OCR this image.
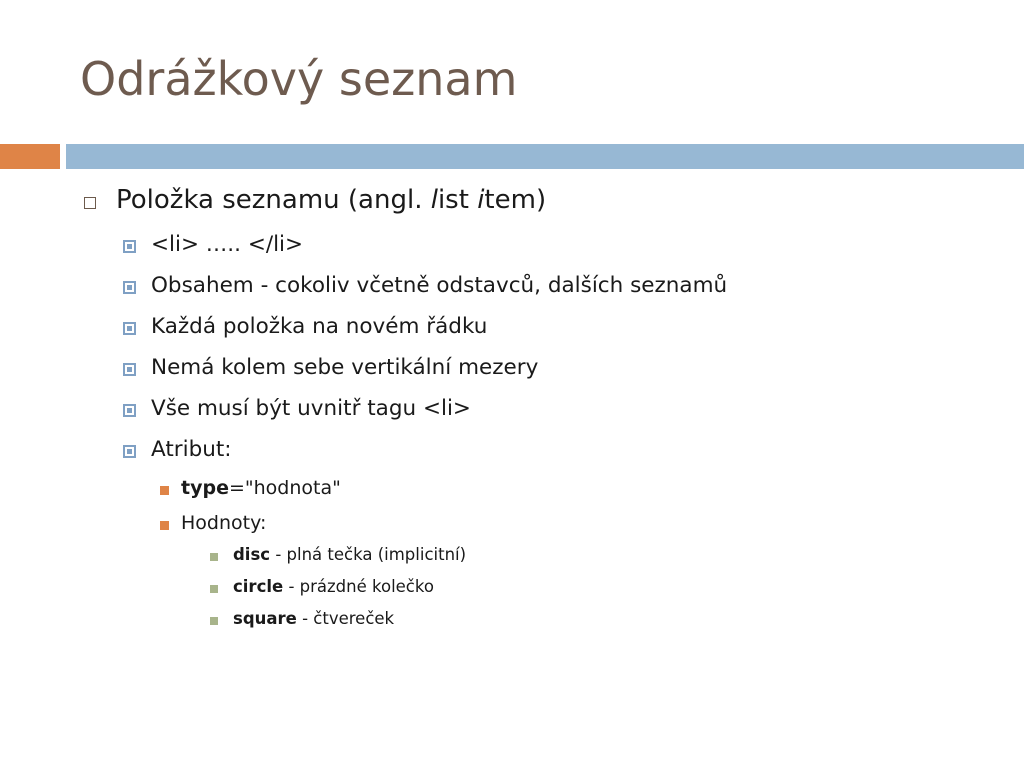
Odrážkový seznam
Položka seznamu (angl. list item)
<li> ….. </li>
Obsahem - cokoliv včetně odstavců, dalších seznamů
Každá položka na novém řádku
Nemá kolem sebe vertikální mezery
Vše musí být uvnitř tagu <li>
Atribut:
type="hodnota"
Hodnoty:
disc - plná tečka (implicitní)
circle - prázdné kolečko
square - čtvereček
